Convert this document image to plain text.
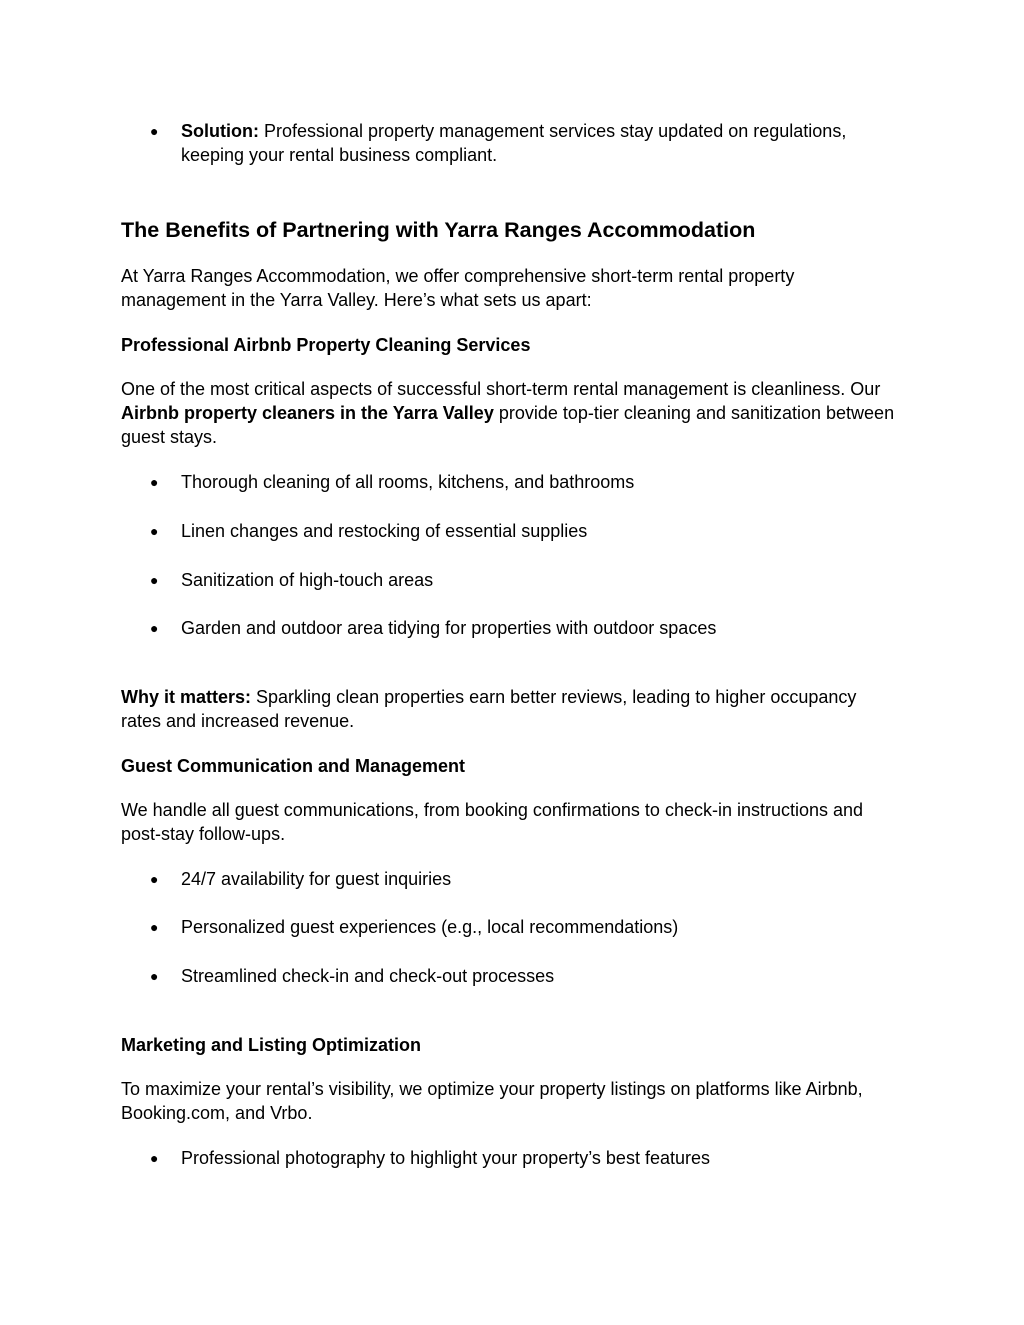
● Solution: Professional property management services stay updated on regulations, keeping your rental business compliant.
The Benefits of Partnering with Yarra Ranges Accommodation

At Yarra Ranges Accommodation, we offer comprehensive short-term rental property management in the Yarra Valley. Here’s what sets us apart:

Professional Airbnb Property Cleaning Services

One of the most critical aspects of successful short-term rental management is cleanliness. Our Airbnb property cleaners in the Yarra Valley provide top-tier cleaning and sanitization between guest stays.

● Thorough cleaning of all rooms, kitchens, and bathrooms
● Linen changes and restocking of essential supplies
● Sanitization of high-touch areas
● Garden and outdoor area tidying for properties with outdoor spaces

Why it matters: Sparkling clean properties earn better reviews, leading to higher occupancy rates and increased revenue.

Guest Communication and Management

We handle all guest communications, from booking confirmations to check-in instructions and post-stay follow-ups.

● 24/7 availability for guest inquiries
● Personalized guest experiences (e.g., local recommendations)
● Streamlined check-in and check-out processes
Marketing and Listing Optimization

To maximize your rental’s visibility, we optimize your property listings on platforms like Airbnb, Booking.com, and Vrbo.

● Professional photography to highlight your property’s best features
